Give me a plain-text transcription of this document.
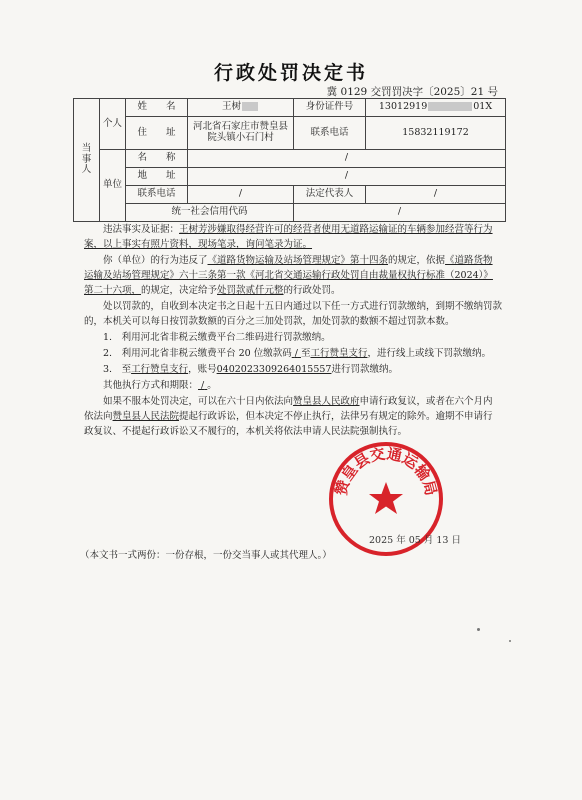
行政处罚决定书
冀 0129 交罚罚决字〔2025〕21 号
当事人	个人	姓　　名	王树	身份证件号	13012919 01X
		住　　址	河北省石家庄市赞皇县院头镇小石门村	联系电话	15832119172

	单位	名　　称	/		
		地　　址	/		
		联系电话	/	法定代表人	/
		统一社会信用代码		/	

违法事实及证据：王树芳涉嫌取得经营许可的经营者使用无道路运输证的车辆参加经营等行为案，以上事实有照片资料，现场笔录，询问笔录为证。

你（单位）的行为违反了《道路货物运输及站场管理规定》第十四条的规定，依据《道路货物运输及站场管理规定》六十三条第一款《河北省交通运输行政处罚自由裁量权执行标准（2024）》第二十六项，的规定，决定给予处罚款贰仟元整的行政处罚。

处以罚款的，自收到本决定书之日起十五日内通过以下任一方式进行罚款缴纳，到期不缴纳罚款的，本机关可以每日按罚款数额的百分之三加处罚款，加处罚款的数额不超过罚款本数。

1.　利用河北省非税云缴费平台二维码进行罚款缴纳。

2.　利用河北省非税云缴费平台 20 位缴款码 / 至工行赞皇支行，进行线上或线下罚款缴纳。

3.　至工行赞皇支行，账号0402023309264015557进行罚款缴纳。

其他执行方式和期限： / 。

如果不服本处罚决定，可以在六十日内依法向赞皇县人民政府申请行政复议，或者在六个月内依法向赞皇县人民法院提起行政诉讼，但本决定不停止执行，法律另有规定的除外。逾期不申请行政复议、不提起行政诉讼又不履行的，本机关将依法申请人民法院强制执行。

赞皇县交通运输局
2025 年 05 月 13 日
（本文书一式两份：一份存根，一份交当事人或其代理人。）
